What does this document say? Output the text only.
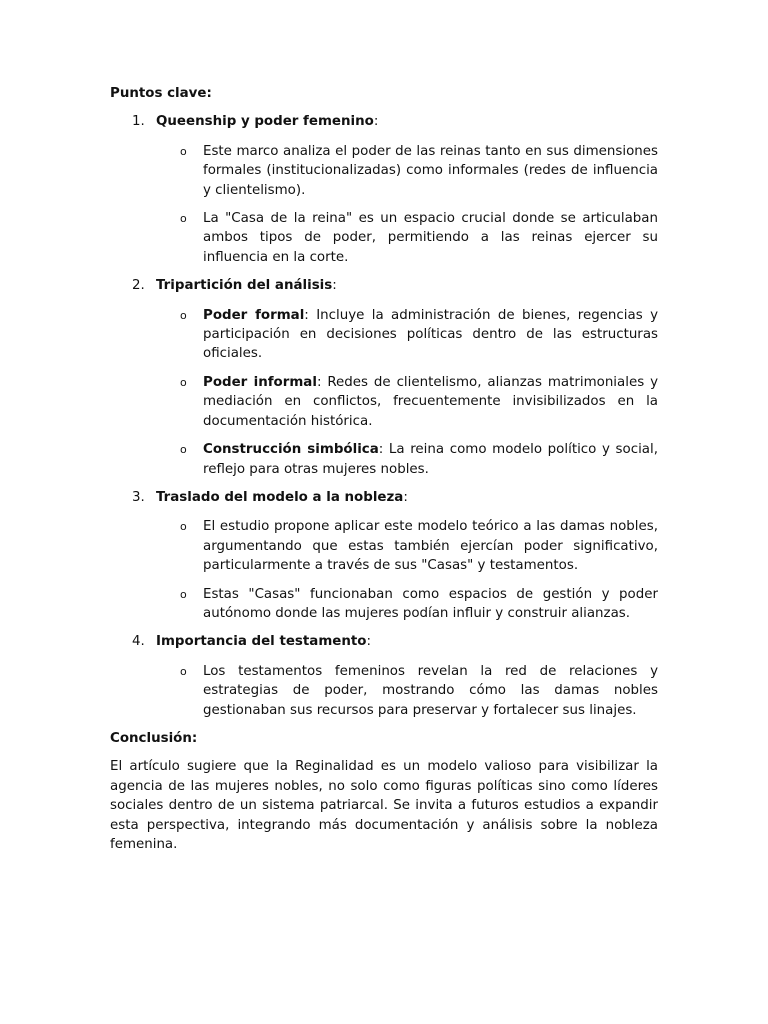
Puntos clave:

1. Queenship y poder femenino:

o Este marco analiza el poder de las reinas tanto en sus dimensiones formales (institucionalizadas) como informales (redes de influencia y clientelismo).

o La "Casa de la reina" es un espacio crucial donde se articulaban ambos tipos de poder, permitiendo a las reinas ejercer su influencia en la corte.

2. Tripartición del análisis:

o Poder formal: Incluye la administración de bienes, regencias y participación en decisiones políticas dentro de las estructuras oficiales.

o Poder informal: Redes de clientelismo, alianzas matrimoniales y mediación en conflictos, frecuentemente invisibilizados en la documentación histórica.

o Construcción simbólica: La reina como modelo político y social, reflejo para otras mujeres nobles.

3. Traslado del modelo a la nobleza:

o El estudio propone aplicar este modelo teórico a las damas nobles, argumentando que estas también ejercían poder significativo, particularmente a través de sus "Casas" y testamentos.

o Estas "Casas" funcionaban como espacios de gestión y poder autónomo donde las mujeres podían influir y construir alianzas.

4. Importancia del testamento:

o Los testamentos femeninos revelan la red de relaciones y estrategias de poder, mostrando cómo las damas nobles gestionaban sus recursos para preservar y fortalecer sus linajes.

Conclusión:

El artículo sugiere que la Reginalidad es un modelo valioso para visibilizar la agencia de las mujeres nobles, no solo como figuras políticas sino como líderes sociales dentro de un sistema patriarcal. Se invita a futuros estudios a expandir esta perspectiva, integrando más documentación y análisis sobre la nobleza femenina.
